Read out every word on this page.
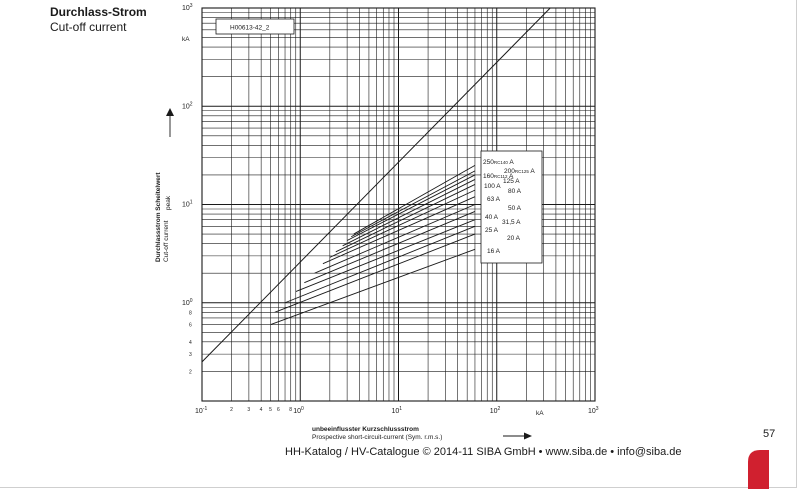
Durchlass-Strom
Cut-off current
$10^{-1}$	$10^0$	$10^1$	$10^2$	$10^3$
2	3 4 5 6 8
$10^0$
$10^1$
$10^2$
$10^3$
2
3
4
6
8
H00613-42_2
250RC140 A
200RC125 A
160RC112 A
125 A
100 A
80 A
63 A
50 A
40 A
31,5 A
25 A
20 A
16 A
kA
kA
Durchlassstrom Scheitelwert Cut-off current
peak
unbeeinflusster Kurzschlussstrom
Prospective short-circuit-current (Sym. r.m.s.)	57
HH-Katalog / HV-Catalogue © 2014-11 SIBA GmbH • www.siba.de • info@siba.de
